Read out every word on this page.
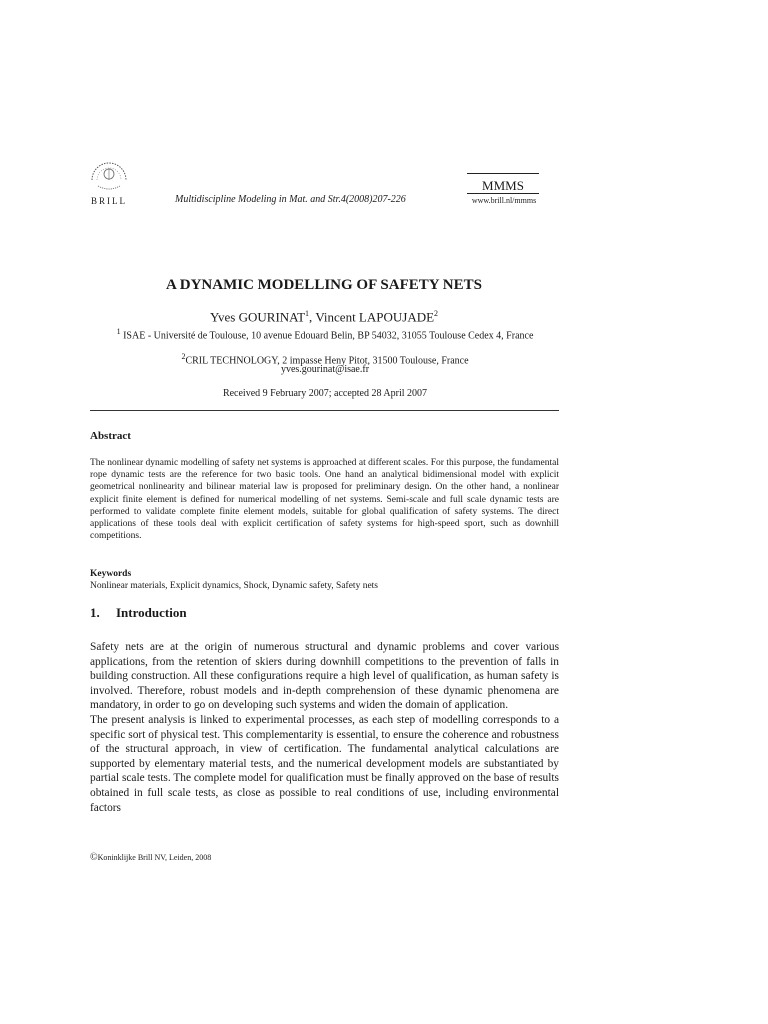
BRILL	Multidiscipline Modeling in Mat. and Str.4(2008)207-226
MMMS
www.brill.nl/mmms
A DYNAMIC MODELLING OF SAFETY NETS
Yves GOURINAT$^1$, Vincent LAPOUJADE$^2$
$^1$ ISAE - Université de Toulouse, 10 avenue Edouard Belin, BP 54032, 31055 Toulouse Cedex 4, France
$^2$CRIL TECHNOLOGY, 2 impasse Heny Pitot, 31500 Toulouse, France
yves.gourinat@isae.fr
Received 9 February 2007; accepted 28 April 2007
Abstract
The nonlinear dynamic modelling of safety net systems is approached at different scales. For this purpose, the fundamental rope dynamic tests are the reference for two basic tools. One hand an analytical bidimensional model with explicit geometrical nonlinearity and bilinear material law is proposed for preliminary design. On the other hand, a nonlinear explicit finite element is defined for numerical modelling of net systems. Semi-scale and full scale dynamic tests are performed to validate complete finite element models, suitable for global qualification of safety systems. The direct applications of these tools deal with explicit certification of safety systems for high-speed sport, such as downhill competitions.
Keywords
Nonlinear materials, Explicit dynamics, Shock, Dynamic safety, Safety nets
1. Introduction

Safety nets are at the origin of numerous structural and dynamic problems and cover various applications, from the retention of skiers during downhill competitions to the prevention of falls in building construction. All these configurations require a high level of qualification, as human safety is involved. Therefore, robust models and in-depth comprehension of these dynamic phenomena are mandatory, in order to go on developing such systems and widen the domain of application.

The present analysis is linked to experimental processes, as each step of modelling corresponds to a specific sort of physical test. This complementarity is essential, to ensure the coherence and robustness of the structural approach, in view of certification. The fundamental analytical calculations are supported by elementary material tests, and the numerical development models are substantiated by partial scale tests. The complete model for qualification must be finally approved on the base of results obtained in full scale tests, as close as possible to real conditions of use, including environmental factors

©Koninklijke Brill NV, Leiden, 2008
